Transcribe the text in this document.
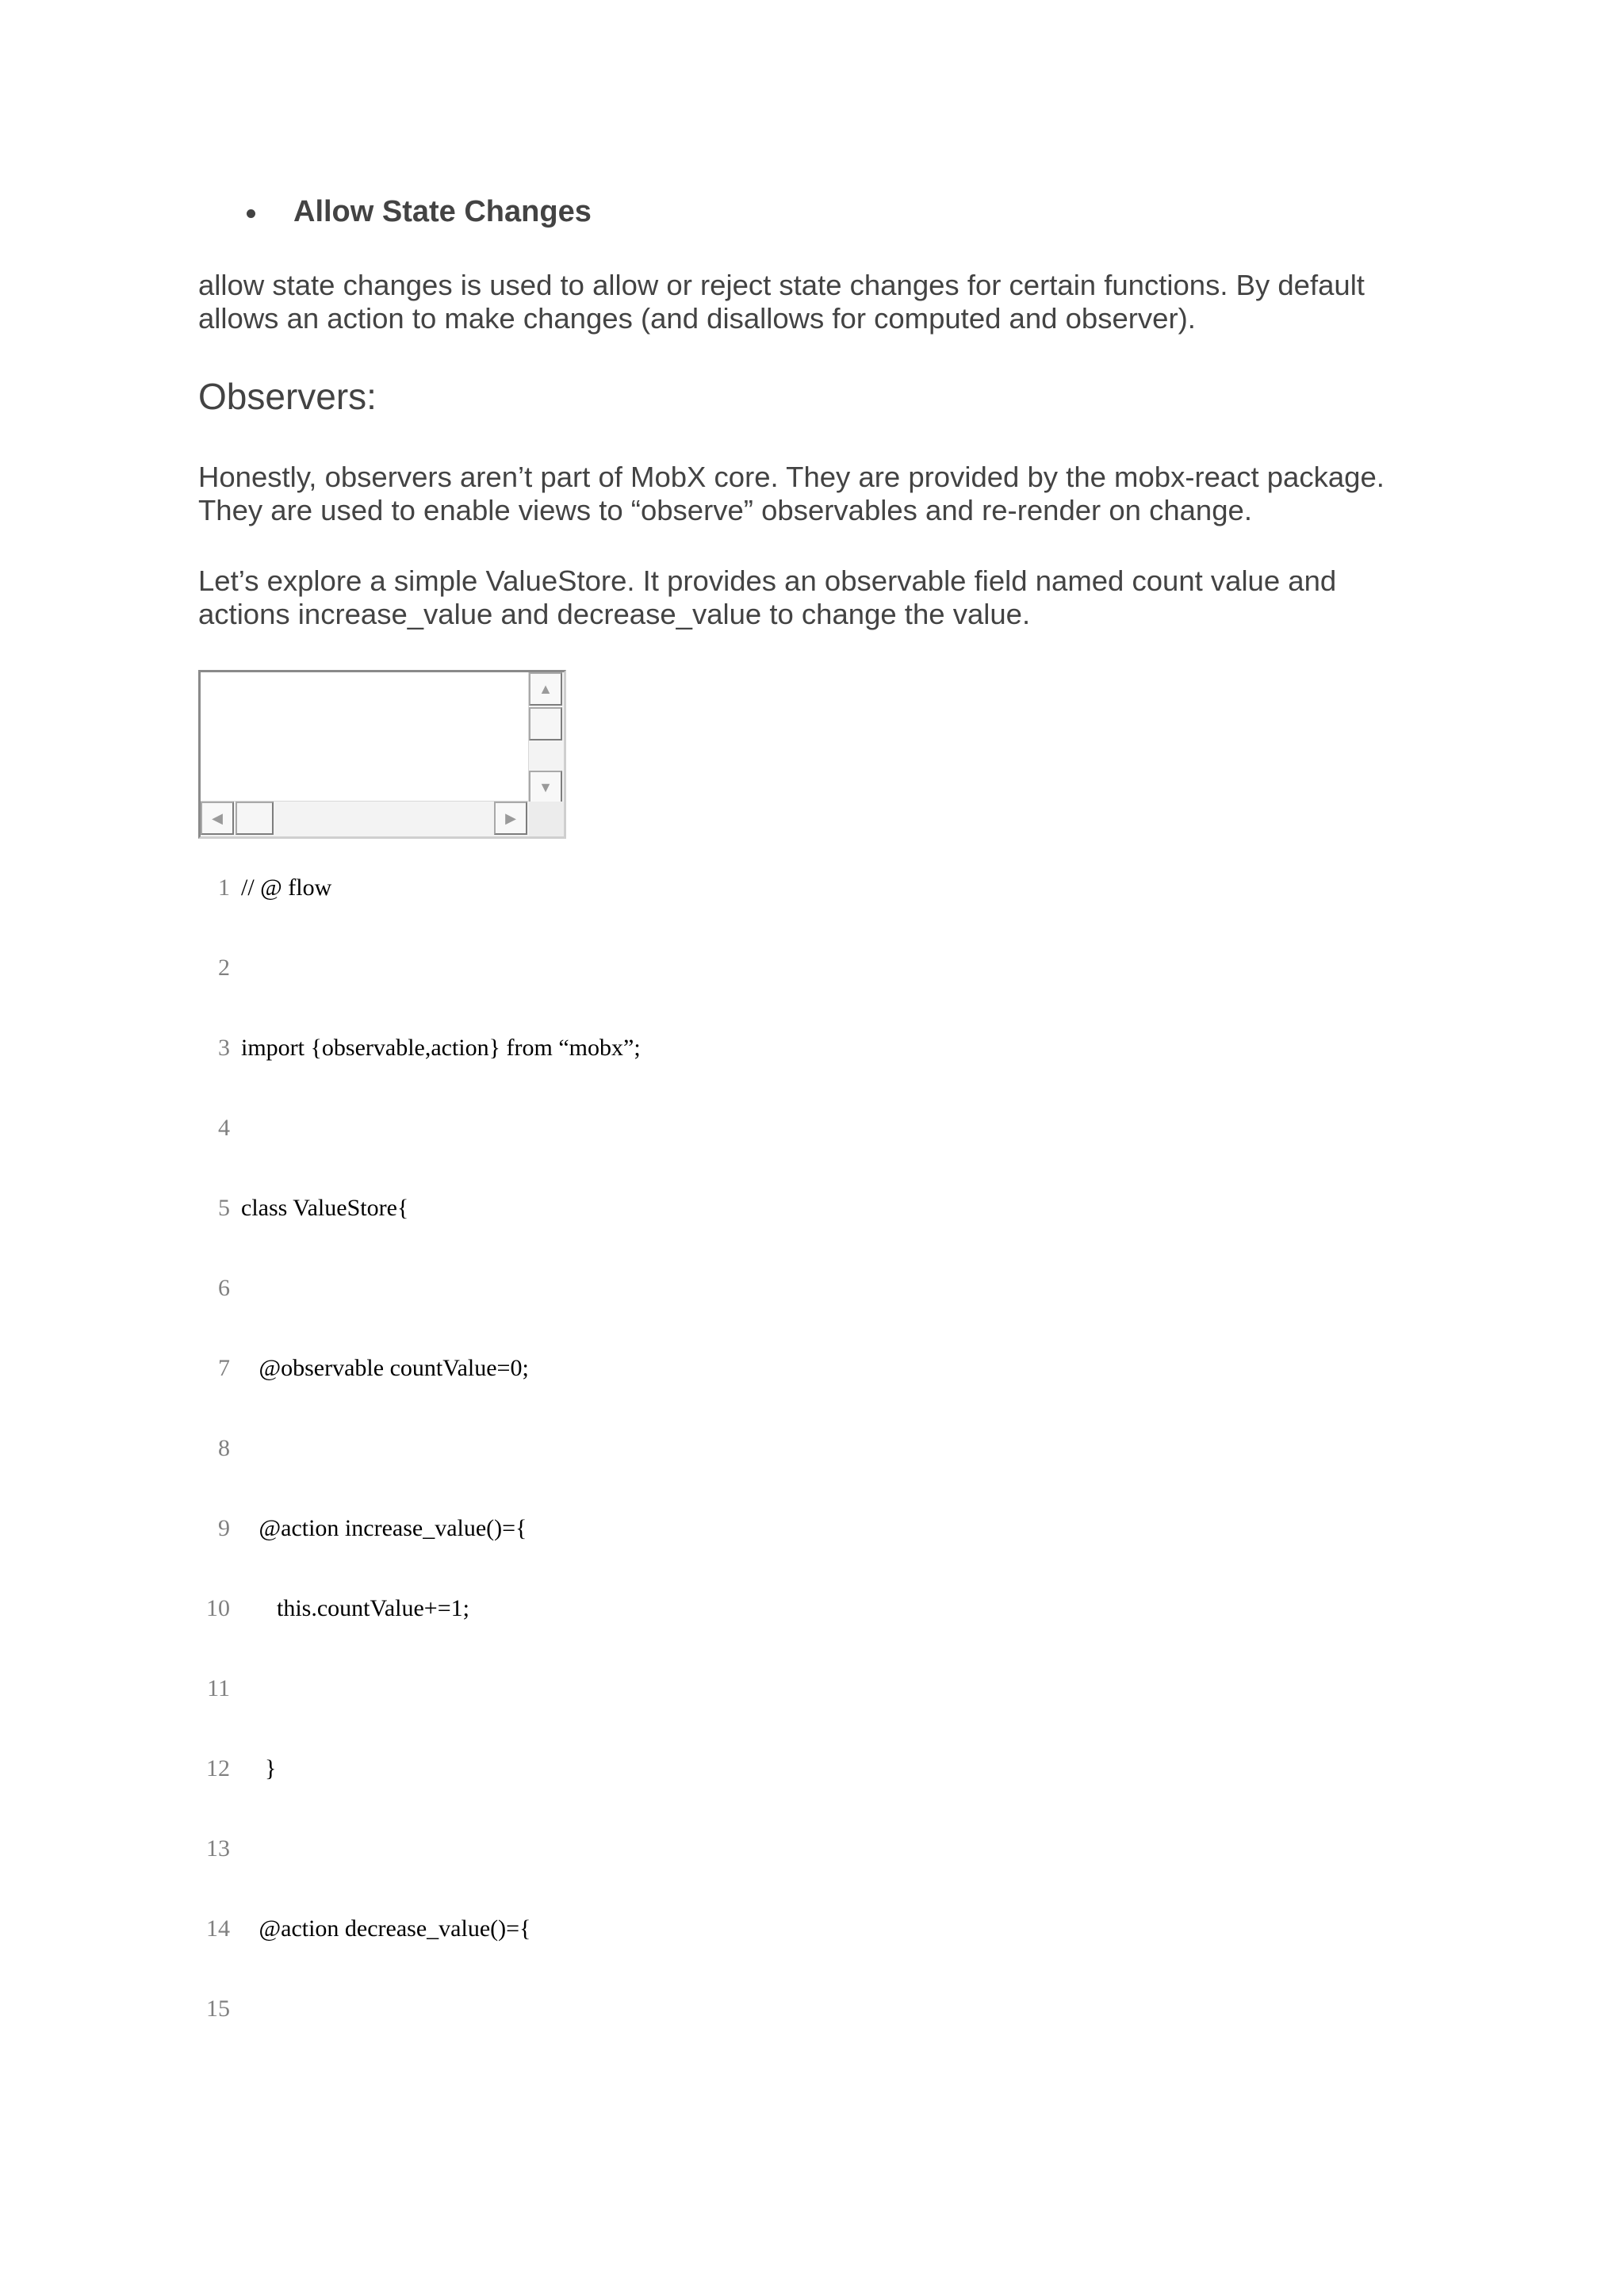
Allow State Changes

allow state changes is used to allow or reject state changes for certain functions. By default
allows an action to make changes (and disallows for computed and observer).

Observers:

Honestly, observers aren’t part of MobX core. They are provided by the mobx-react package.
They are used to enable views to “observe” observables and re-render on change.

Let’s explore a simple ValueStore. It provides an observable field named count value and
actions increase_value and decrease_value to change the value.

▲
▼
◀	▶
1 // @ flow
2
3 import {observable,action} from “mobx”;
4
5 class ValueStore{
6
7 @observable countValue=0;
8
9 @action increase_value()={
10 this.countValue+=1;
11
12 }
13
14 @action decrease_value()={
15
